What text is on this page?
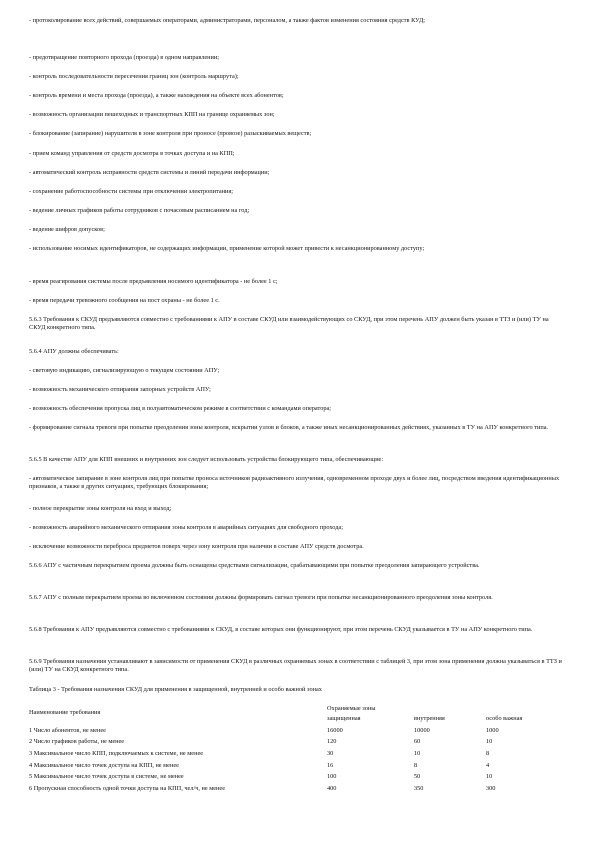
- протоколирование всех действий, совершаемых операторами, администраторами, персоналом, а также фактов изменения состояния средств КУД;

- предотвращение повторного прохода (проезда) в одном направлении;

- контроль последовательности пересечения границ зон (контроль маршрута);

- контроль времени и места прохода (проезда), а также нахождения на объекте всех абонентов;

- возможность организации пешеходных и транспортных КПП на границе охраняемых зон;

- блокирование (запирание) нарушителя в зоне контроля при проносе (провозе) разыскиваемых веществ;

- прием команд управления от средств досмотра в точках доступа и на КПП;

- автоматический контроль исправности средств системы и линий передачи информации;

- сохранение работоспособности системы при отключении электропитания;

- ведение личных графиков работы сотрудников с почасовым расписанием на год;

- ведение шифров допусков;

- использование носимых идентификаторов, не содержащих информации, применение которой может привести к несанкционированному доступу;

- время реагирования системы после предъявления носимого идентификатора - не более 1 с;

- время передачи тревожного сообщения на пост охраны - не более 1 с.

5.6.3 Требования к СКУД предъявляются совместно с требованиями к АПУ в составе СКУД или взаимодействующих со СКУД, при этом перечень АПУ должен быть указан в ТТЗ и (или) ТУ на СКУД конкретного типа.

5.6.4 АПУ должны обеспечивать:

- световую индикацию, сигнализирующую о текущем состоянии АПУ;

- возможность механического отпирания запорных устройств АПУ;

- возможность обеспечения пропуска лиц в полуавтоматическом режиме в соответствии с командами оператора;

- формирование сигнала тревоги при попытке преодоления зоны контроля, вскрытии узлов и блоков, а также иных несанкционированных действиях, указанных в ТУ на АПУ конкретного типа.

5.6.5 В качестве АПУ для КПП внешних и внутренних зон следует использовать устройства блокирующего типа, обеспечивающие:

- автоматическое запирание в зоне контроля лиц при попытке проноса источников радиоактивного излучения, одновременном проходе двух и более лиц, посредством введения идентификационных признаков, а также в других ситуациях, требующих блокирования;

- полное перекрытие зоны контроля на вход и выход;

- возможность аварийного механического отпирания зоны контроля в аварийных ситуациях для свободного прохода;

- исключение возможности переброса предметов поверх через зону контроля при наличии в составе АПУ средств досмотра.

5.6.6 АПУ с частичным перекрытием проема должны быть оснащены средствами сигнализации, срабатывающими при попытке преодоления запирающего устройства.

5.6.7 АПУ с полным перекрытием проема во включенном состоянии должны формировать сигнал тревоги при попытке несанкционированного преодоления зоны контроля.

5.6.8 Требования к АПУ предъявляются совместно с требованиями к СКУД, в составе которых они функционируют, при этом перечень СКУД указывается в ТУ на АПУ конкретного типа.

5.6.9 Требования назначения устанавливают в зависимости от применения СКУД в различных охраняемых зонах в соответствии с таблицей 3, при этом зона применения должна указываться в ТТЗ и (или) ТУ на СКУД конкретного типа.

Таблица 3 - Требования назначения СКУД для применения в защищенной, внутренней и особо важной зонах
Наименование требования	Охраняемые зоны		
	защищенная	внутренняя	особо важная
1 Число абонентов, не менее	16000	10000	1000
2 Число графиков работы, не менее	120	60	10
3 Максимальное число КПП, подключаемых к системе, не менее	30	10	8
4 Максимальное число точек доступа на КПП, не менее	16	8	4
5 Максимальное число точек доступа в системе, не менее	100	50	10
6 Пропускная способность одной точки доступа на КПП, чел/ч, не менее	400	350	300
